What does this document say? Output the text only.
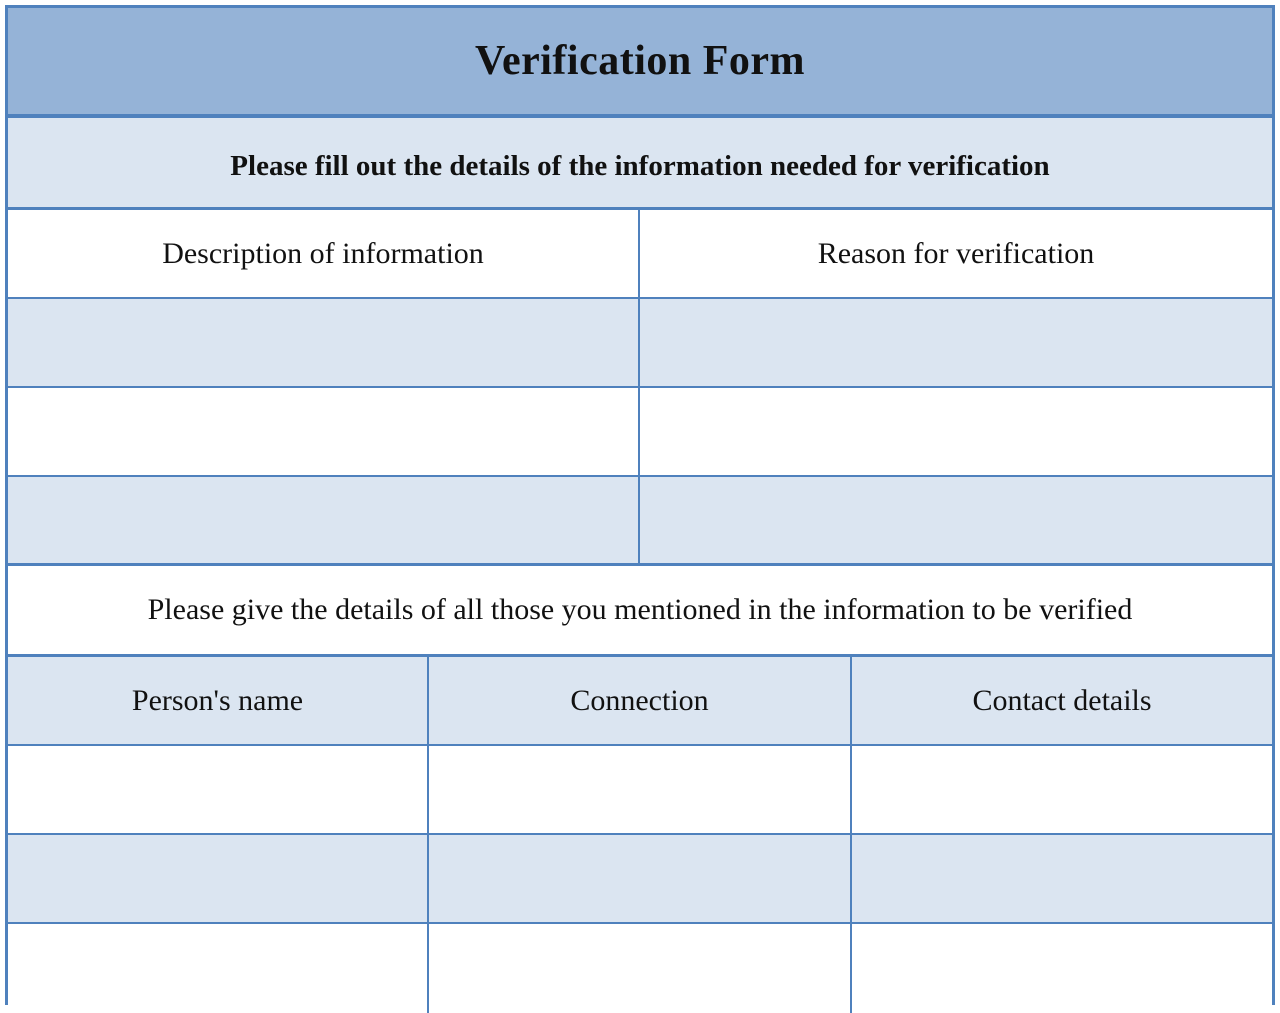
Verification Form
Please fill out the details of the information needed for verification
Description of information	Reason for verification
Please give the details of all those you mentioned in the information to be verified
Person's name	Connection	Contact details
